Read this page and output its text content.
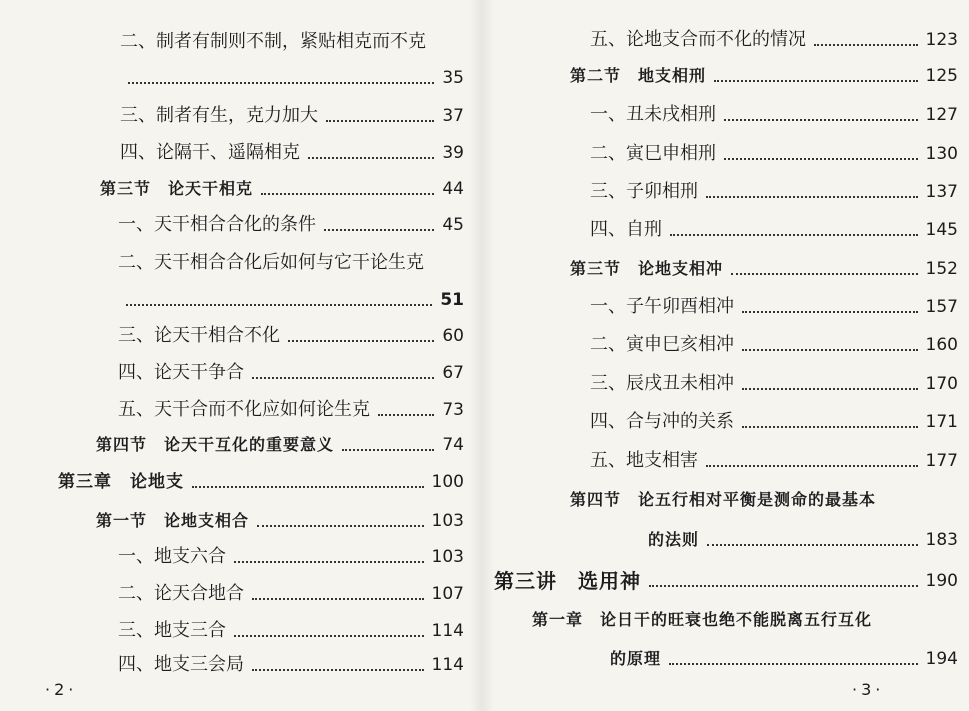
二、制者有制则不制，紧贴相克而不克
35
三、制者有生，克力加大	37
四、论隔干、遥隔相克	39
第三节　论天干相克	44
一、天干相合合化的条件	45
二、天干相合合化后如何与它干论生克
51
三、论天干相合不化	60
四、论天干争合	67
五、天干合而不化应如何论生克	73
第四节　论天干互化的重要意义	74
第三章　论地支	100
第一节　论地支相合	103
一、地支六合	103
二、论天合地合	107
三、地支三合	114
四、地支三会局	114
·2·
五、论地支合而不化的情况	123
第二节　地支相刑	125
一、丑未戌相刑	127
二、寅巳申相刑	130
三、子卯相刑	137
四、自刑	145
第三节　论地支相冲	152
一、子午卯酉相冲	157
二、寅申巳亥相冲	160
三、辰戌丑未相冲	170
四、合与冲的关系	171
五、地支相害	177
第四节　论五行相对平衡是测命的最基本
的法则	183
第三讲　选用神	190
第一章　论日干的旺衰也绝不能脱离五行互化
的原理	194
·3·
